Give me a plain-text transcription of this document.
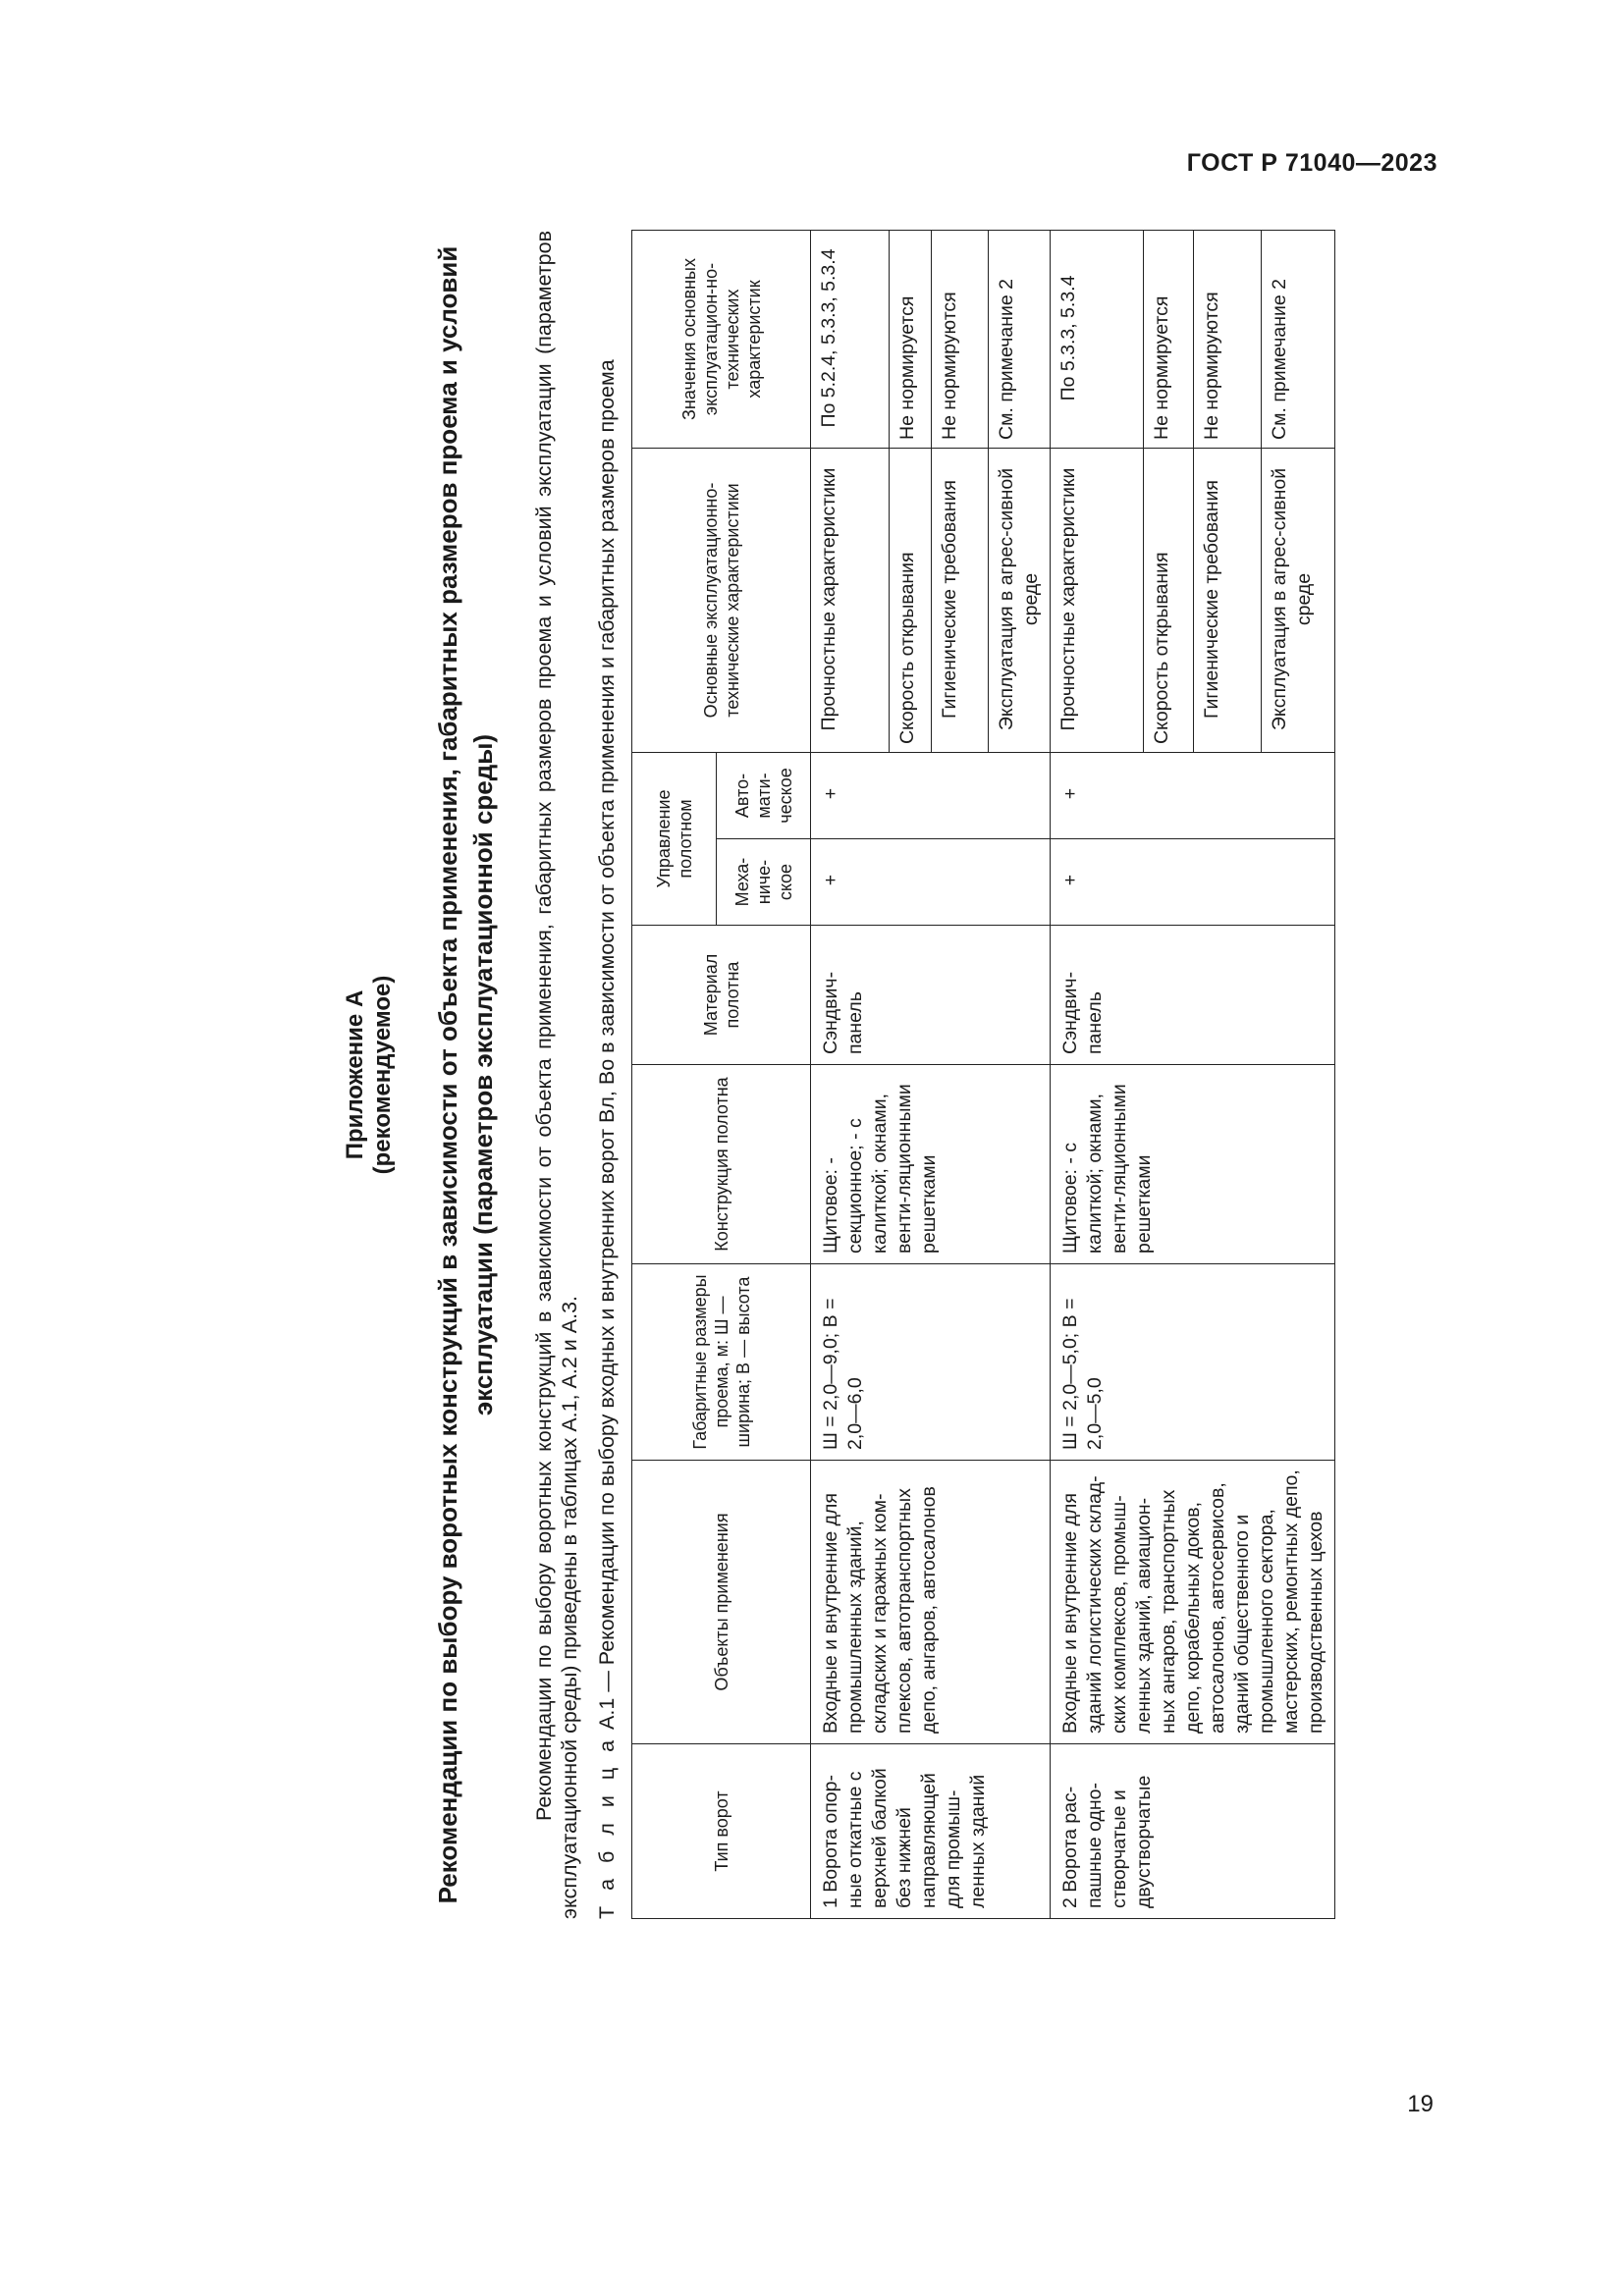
ГОСТ Р 71040—2023
Приложение А (рекомендуемое) Рекомендации по выбору воротных конструкций в зависимости от объекта применения, габаритных размеров проема и условий эксплуатации (параметров эксплуатационной среды) Рекомендации по выбору воротных конструкций в зависимости от объекта применения, габаритных размеров проема и условий эксплуатации (параметров эксплуатационной среды) приведены в таблицах А.1, А.2 и А.3. Т а б л и ц а А.1 — Рекомендации по выбору входных и внутренних ворот Вл, Во в зависимости от объекта применения и габаритных размеров проема
Тип ворот	Объекты применения	Габаритные размеры проема, м: Ш — ширина; В — высота	Конструкция полотна	Материал полотна	Управление полотном		Основные эксплуатационно-технические характеристики	Значения основных эксплуатацион-но-технических характеристик
					Меха-ниче-ское	Авто-мати-ческое		
1 Ворота опор-ные откатные с верхней балкой без нижней направляющей для промыш-ленных зданий	Входные и внутренние для промышленных зданий, складских и гаражных ком-плексов, автотранспортных депо, ангаров, автосалонов	Ш = 2,0—9,0; В = 2,0—6,0	Щитовое: - секционное; - с калиткой; окнами, венти-ляционными решетками	Сэндвич-панель	+	+	Прочностные характеристики	По 5.2.4, 5.3.3, 5.3.4
							Скорость открывания	Не нормируется
							Гигиенические требования	Не нормируются
							Эксплуатация в агрес-сивной среде	См. примечание 2
2 Ворота рас-пашные одно-створчатые и двустворчатые	Входные и внутренние для зданий логистических склад-ских комплексов, промыш-ленных зданий, авиацион-ных ангаров, транспортных депо, корабельных доков, автосалонов, автосервисов, зданий общественного и промышленного сектора, мастерских, ремонтных депо, производственных цехов	Ш = 2,0—5,0; В = 2,0—5,0	Щитовое: - с калиткой; окнами, венти-ляционными решетками	Сэндвич-панель	+	+	Прочностные характеристики	По 5.3.3, 5.3.4
							Скорость открывания	Не нормируется
							Гигиенические требования	Не нормируются
							Эксплуатация в агрес-сивной среде	См. примечание 2
19
